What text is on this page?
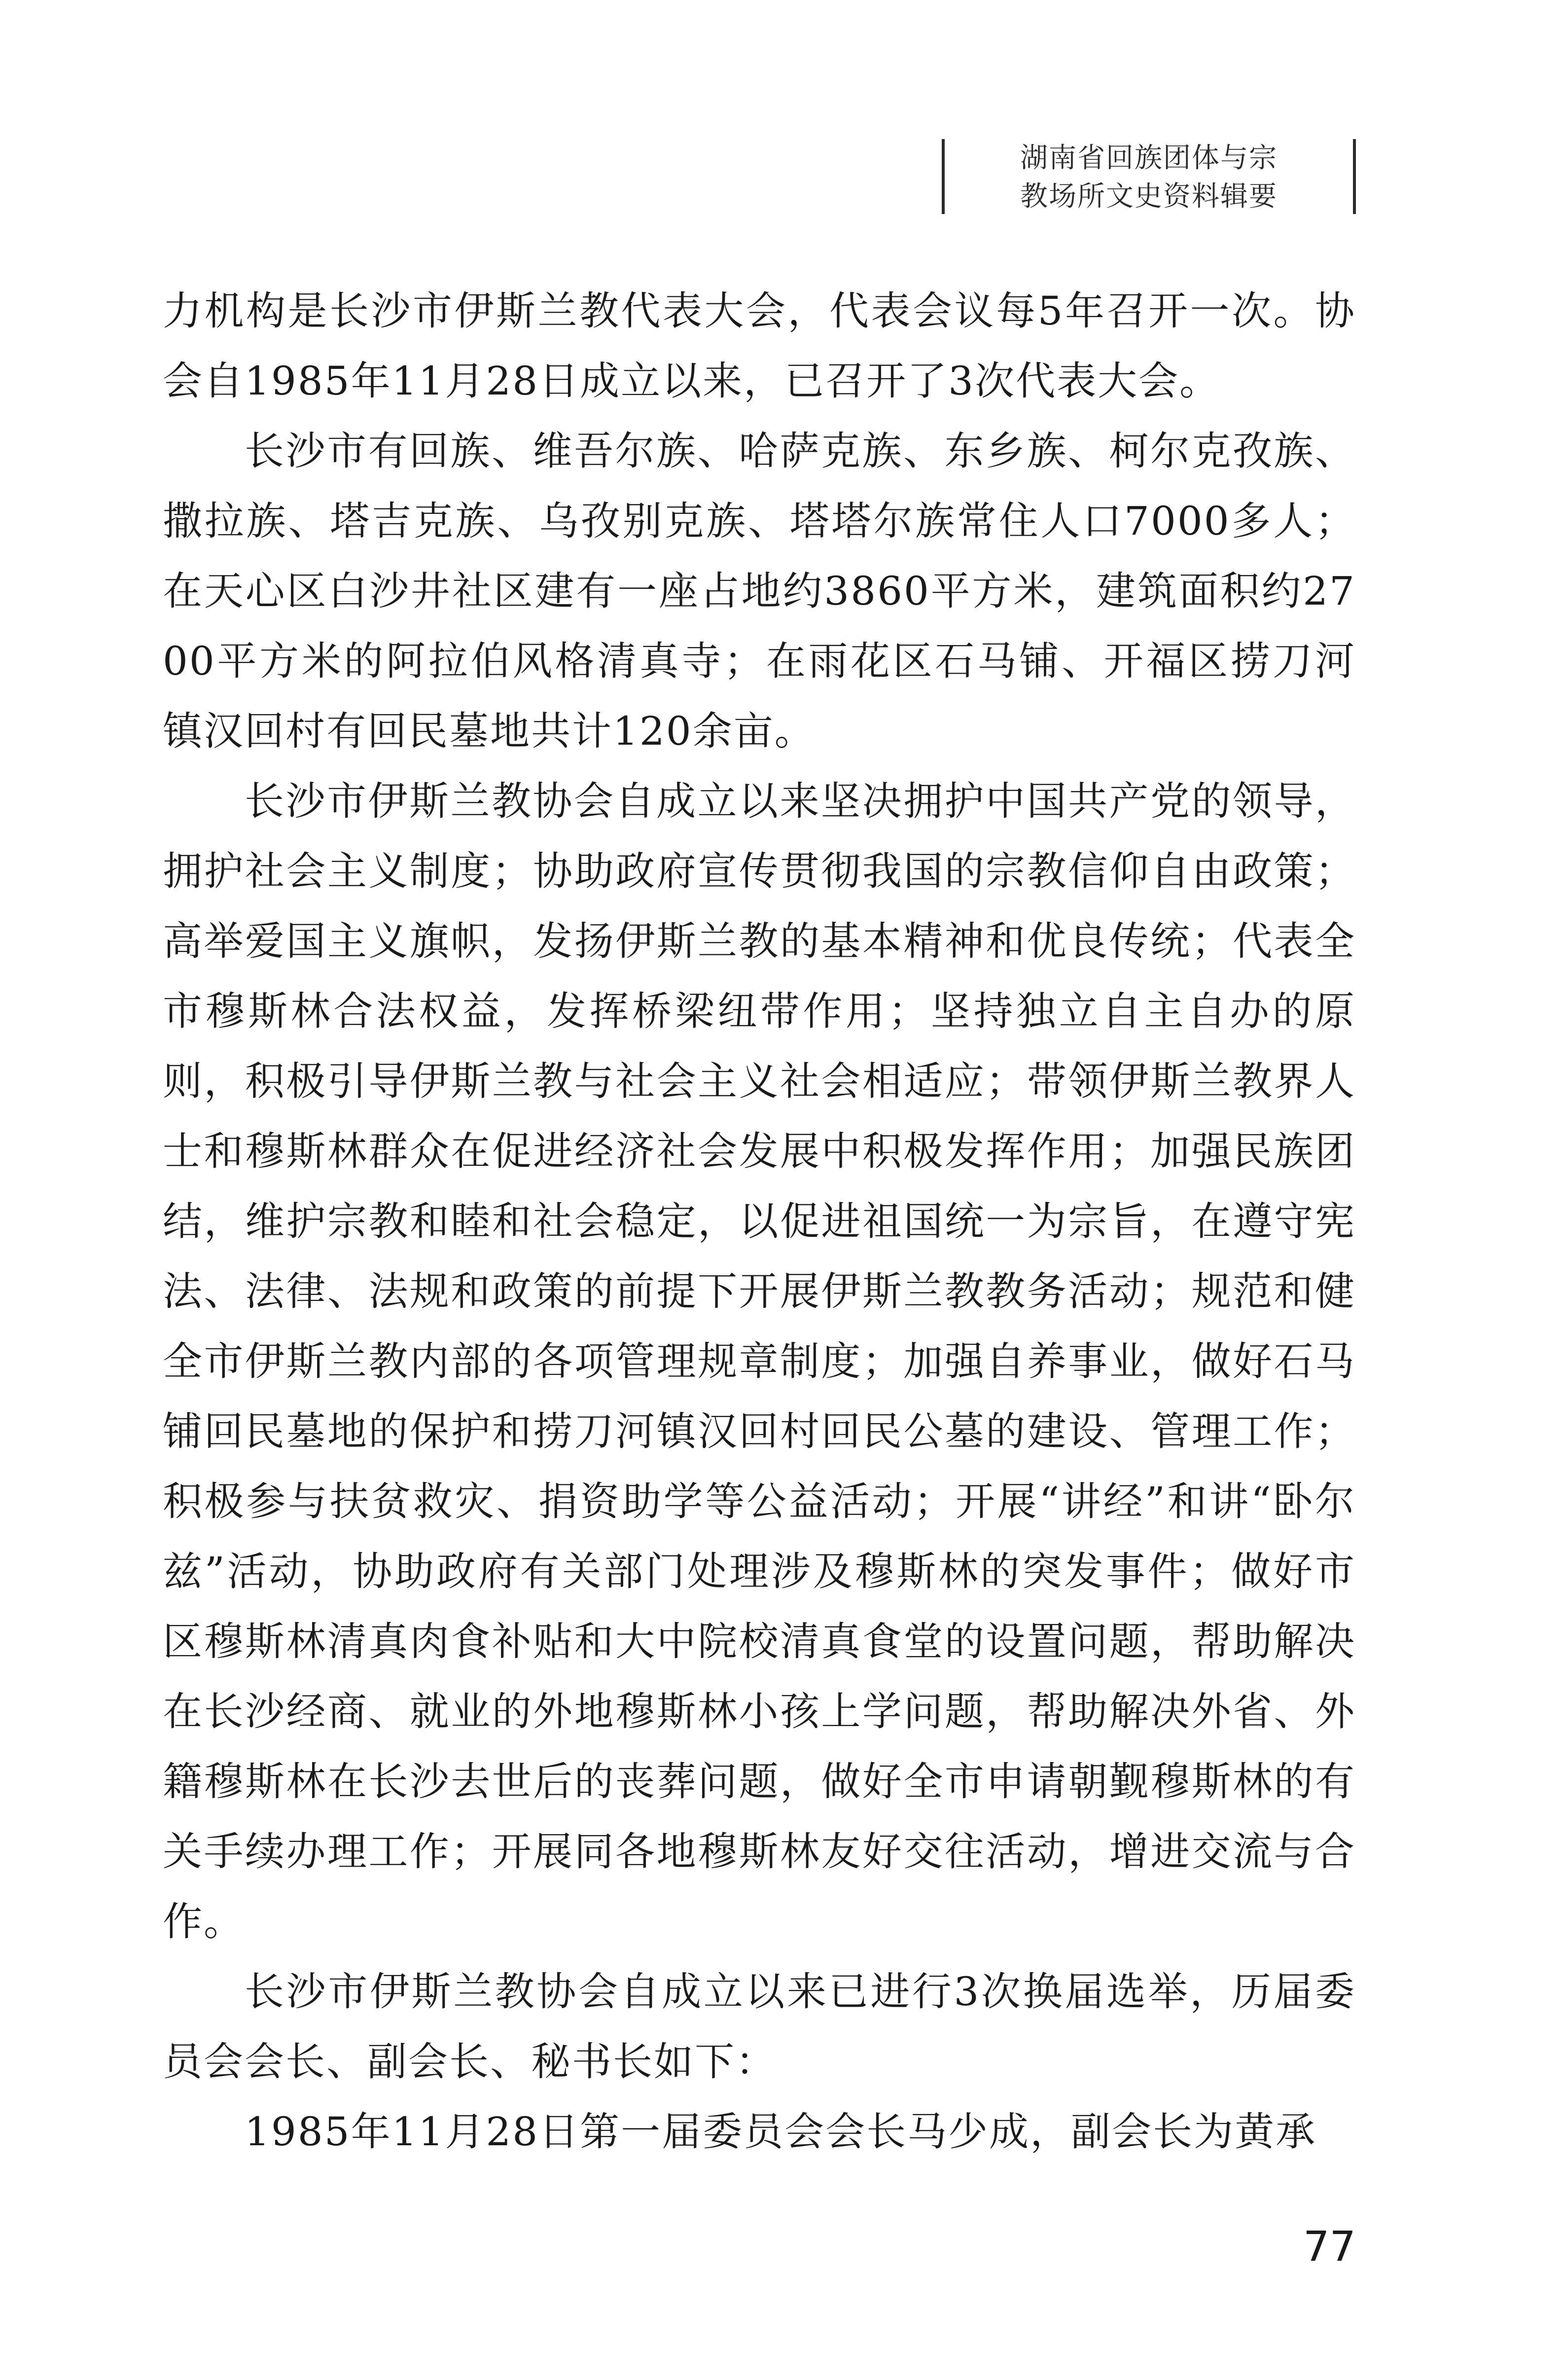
湖南省回族团体与宗
教场所文史资料辑要

力机构是长沙市伊斯兰教代表大会，代表会议每5年召开一次。协会自1985年11月28日成立以来，已召开了3次代表大会。

长沙市有回族、维吾尔族、哈萨克族、东乡族、柯尔克孜族、撒拉族、塔吉克族、乌孜别克族、塔塔尔族常住人口7000多人；在天心区白沙井社区建有一座占地约3860平方米，建筑面积约2700平方米的阿拉伯风格清真寺；在雨花区石马铺、开福区捞刀河镇汉回村有回民墓地共计120余亩。

长沙市伊斯兰教协会自成立以来坚决拥护中国共产党的领导，拥护社会主义制度；协助政府宣传贯彻我国的宗教信仰自由政策；高举爱国主义旗帜，发扬伊斯兰教的基本精神和优良传统；代表全市穆斯林合法权益，发挥桥梁纽带作用；坚持独立自主自办的原则，积极引导伊斯兰教与社会主义社会相适应；带领伊斯兰教界人士和穆斯林群众在促进经济社会发展中积极发挥作用；加强民族团结，维护宗教和睦和社会稳定，以促进祖国统一为宗旨，在遵守宪法、法律、法规和政策的前提下开展伊斯兰教教务活动；规范和健全市伊斯兰教内部的各项管理规章制度；加强自养事业，做好石马铺回民墓地的保护和捞刀河镇汉回村回民公墓的建设、管理工作；积极参与扶贫救灾、捐资助学等公益活动；开展“讲经”和讲“卧尔兹”活动，协助政府有关部门处理涉及穆斯林的突发事件；做好市区穆斯林清真肉食补贴和大中院校清真食堂的设置问题，帮助解决在长沙经商、就业的外地穆斯林小孩上学问题，帮助解决外省、外籍穆斯林在长沙去世后的丧葬问题，做好全市申请朝觐穆斯林的有关手续办理工作；开展同各地穆斯林友好交往活动，增进交流与合作。

长沙市伊斯兰教协会自成立以来已进行3次换届选举，历届委员会会长、副会长、秘书长如下：

1985年11月28日第一届委员会会长马少成，副会长为黄承

77
